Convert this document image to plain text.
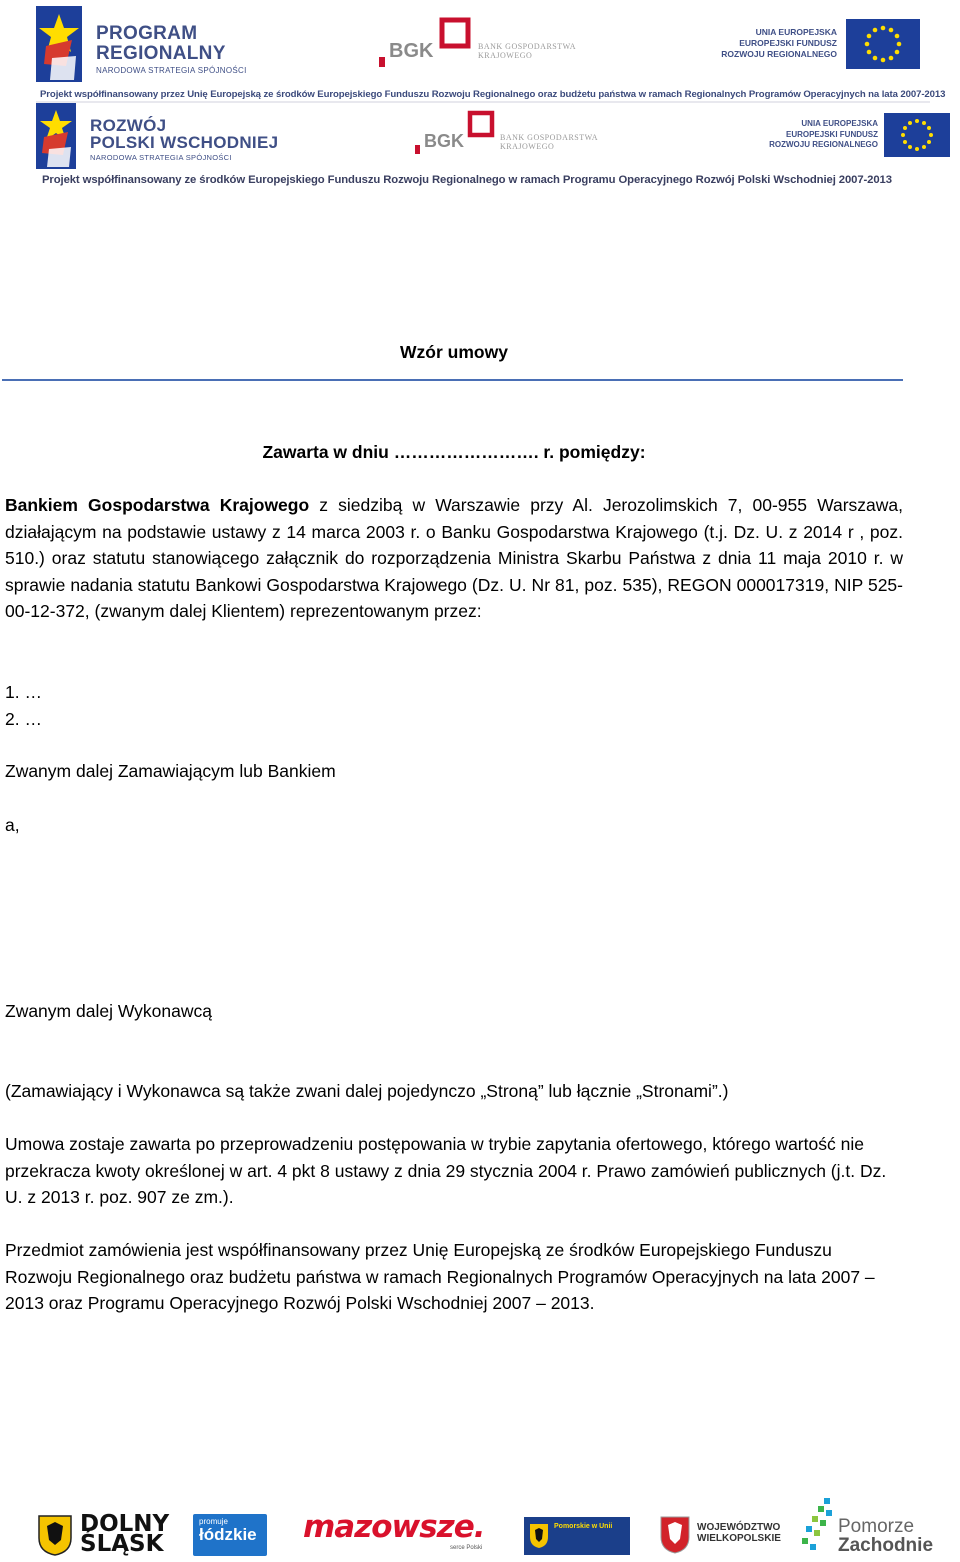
PROGRAM
REGIONALNY
NARODOWA STRATEGIA SPÓJNOŚCI
BGK	BANK GOSPODARSTWA
KRAJOWEGO
UNIA EUROPEJSKA
EUROPEJSKI FUNDUSZ
ROZWOJU REGIONALNEGO
Projekt współfinansowany przez Unię Europejską ze środków Europejskiego Funduszu Rozwoju Regionalnego oraz budżetu państwa w ramach Regionalnych Programów Operacyjnych na lata 2007-2013
ROZWÓJ
POLSKI WSCHODNIEJ
NARODOWA STRATEGIA SPÓJNOŚCI
BGK	BANK GOSPODARSTWA
KRAJOWEGO
UNIA EUROPEJSKA
EUROPEJSKI FUNDUSZ
ROZWOJU REGIONALNEGO
Projekt współfinansowany ze środków Europejskiego Funduszu Rozwoju Regionalnego w ramach Programu Operacyjnego Rozwój Polski Wschodniej 2007-2013
Wzór umowy
Zawarta w dniu ……………………. r. pomiędzy:
Bankiem Gospodarstwa Krajowego z siedzibą w Warszawie przy Al. Jerozolimskich 7, 00-955 Warszawa, działającym na podstawie ustawy z 14 marca 2003 r. o Banku Gospodarstwa Krajowego (t.j. Dz. U. z 2014 r , poz. 510.) oraz statutu stanowiącego załącznik do rozporządzenia Ministra Skarbu Państwa z dnia 11 maja 2010 r. w sprawie nadania statutu Bankowi Gospodarstwa Krajowego (Dz. U. Nr 81, poz. 535), REGON 000017319, NIP 525-00-12-372, (zwanym dalej Klientem) reprezentowanym przez:
1. …
2. …
Zwanym dalej Zamawiającym lub Bankiem
a,
Zwanym dalej Wykonawcą
(Zamawiający i Wykonawca są także zwani dalej pojedynczo „Stroną” lub łącznie „Stronami”.)
Umowa zostaje zawarta po przeprowadzeniu postępowania w trybie zapytania ofertowego, którego wartość nie przekracza kwoty określonej w art. 4 pkt 8 ustawy z dnia 29 stycznia 2004 r. Prawo zamówień publicznych (j.t. Dz. U. z 2013 r. poz. 907 ze zm.).
Przedmiot zamówienia jest współfinansowany przez Unię Europejską ze środków Europejskiego Funduszu Rozwoju Regionalnego oraz budżetu państwa w ramach Regionalnych Programów Operacyjnych na lata 2007 – 2013 oraz Programu Operacyjnego Rozwój Polski Wschodniej 2007 – 2013.
DOLNY
ŚLĄSK
promuje
łódzkie	mazowsze.
serce Polski
Pomorskie w Unii	WOJEWÓDZTWO
WIELKOPOLSKIE
Pomorze
Zachodnie
